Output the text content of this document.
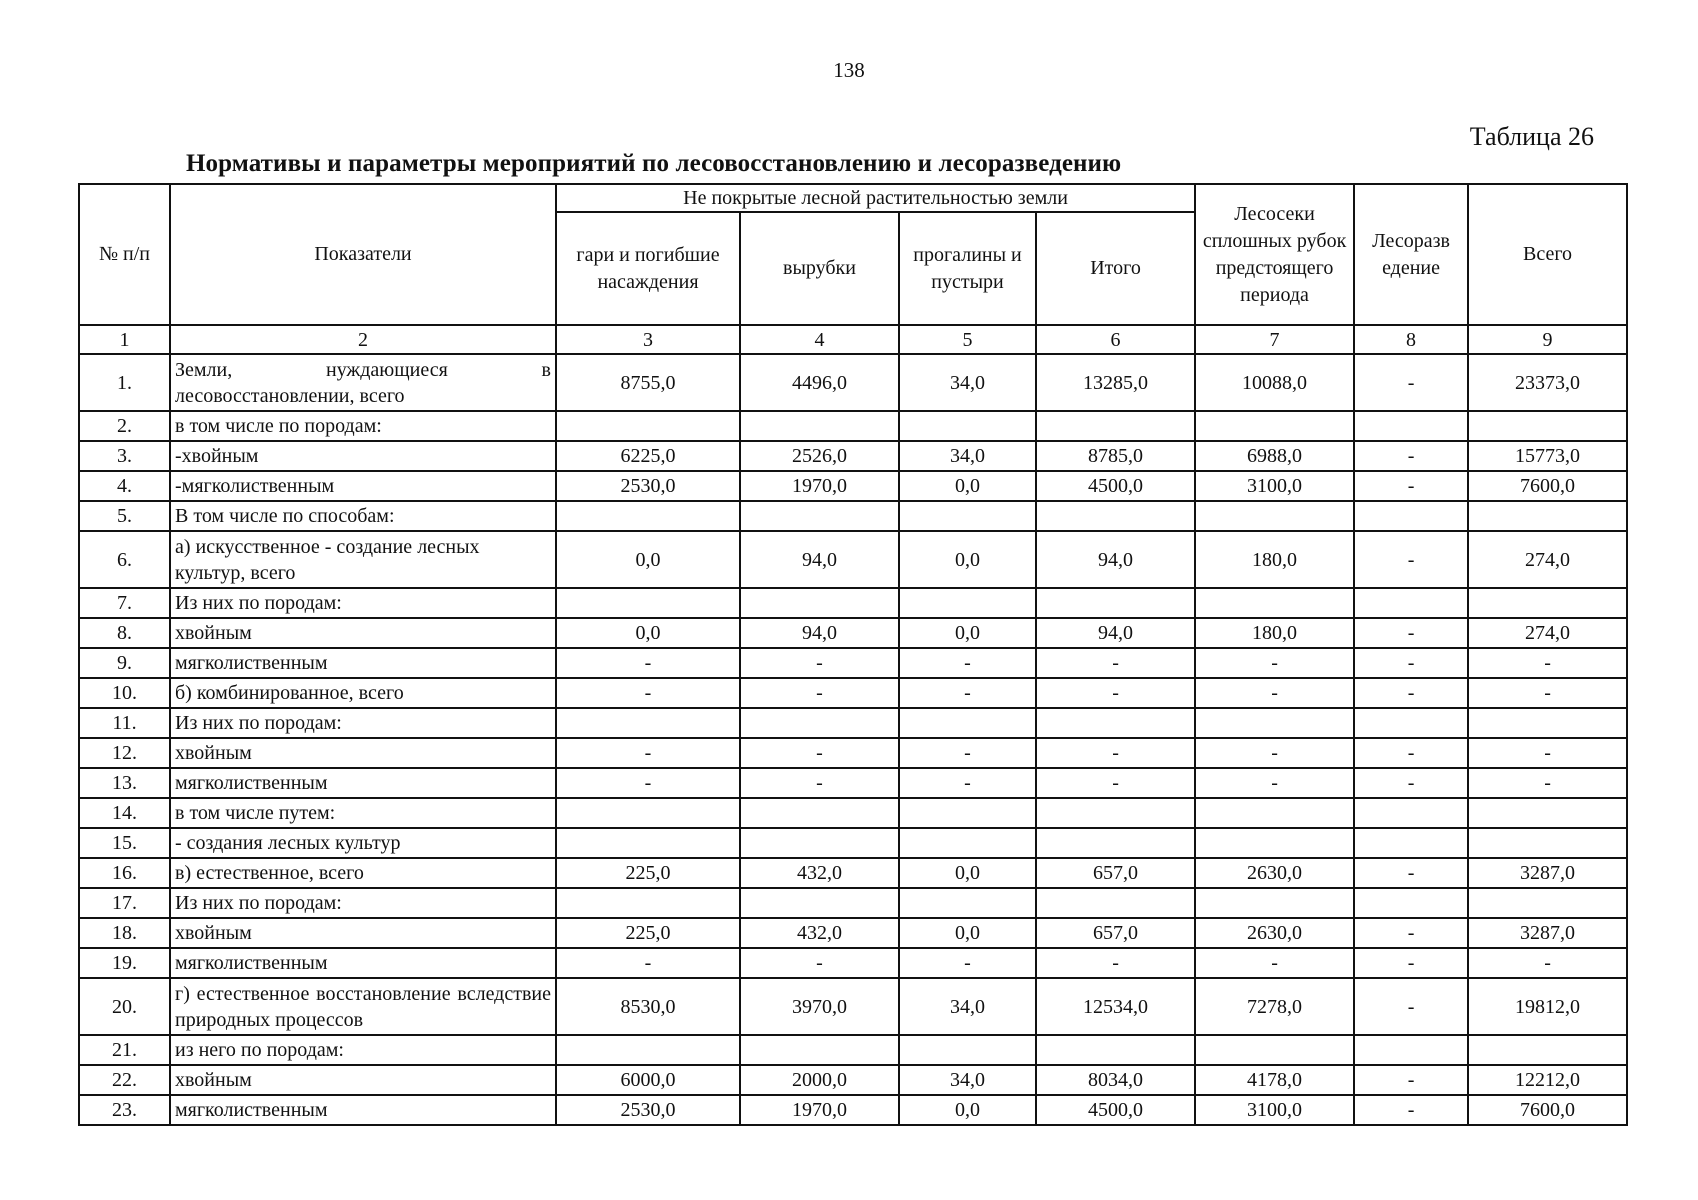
138
Таблица 26
Нормативы и параметры мероприятий по лесовосстановлению и лесоразведению
№ п/п	Показатели	Не покрытые лесной растительностью земли				Лесосеки сплошных рубок предстоящего периода	Лесоразв едение	Всего
		гари и погибшие насаждения	вырубки	прогалины и пустыри	Итого			
1	2	3	4	5	6	7	8	9
1.	Земли, нуждающиеся в лесовосстановлении, всего	8755,0	4496,0	34,0	13285,0	10088,0	-	23373,0
2.	в том числе по породам:							
3.	-хвойным	6225,0	2526,0	34,0	8785,0	6988,0	-	15773,0
4.	-мягколиственным	2530,0	1970,0	0,0	4500,0	3100,0	-	7600,0
5.	В том числе по способам:							
6.	а) искусственное - создание лесных культур, всего	0,0	94,0	0,0	94,0	180,0	-	274,0
7.	Из них по породам:							
8.	хвойным	0,0	94,0	0,0	94,0	180,0	-	274,0
9.	мягколиственным	-	-	-	-	-	-	-
10.	б) комбинированное, всего	-	-	-	-	-	-	-
11.	Из них по породам:							
12.	хвойным	-	-	-	-	-	-	-
13.	мягколиственным	-	-	-	-	-	-	-
14.	в том числе путем:							
15.	- создания лесных культур							
16.	в) естественное, всего	225,0	432,0	0,0	657,0	2630,0	-	3287,0
17.	Из них по породам:							
18.	хвойным	225,0	432,0	0,0	657,0	2630,0	-	3287,0
19.	мягколиственным	-	-	-	-	-	-	-
20.	г) естественное восстановление вследствие природных процессов	8530,0	3970,0	34,0	12534,0	7278,0	-	19812,0
21.	из него по породам:							
22.	хвойным	6000,0	2000,0	34,0	8034,0	4178,0	-	12212,0
23.	мягколиственным	2530,0	1970,0	0,0	4500,0	3100,0	-	7600,0
